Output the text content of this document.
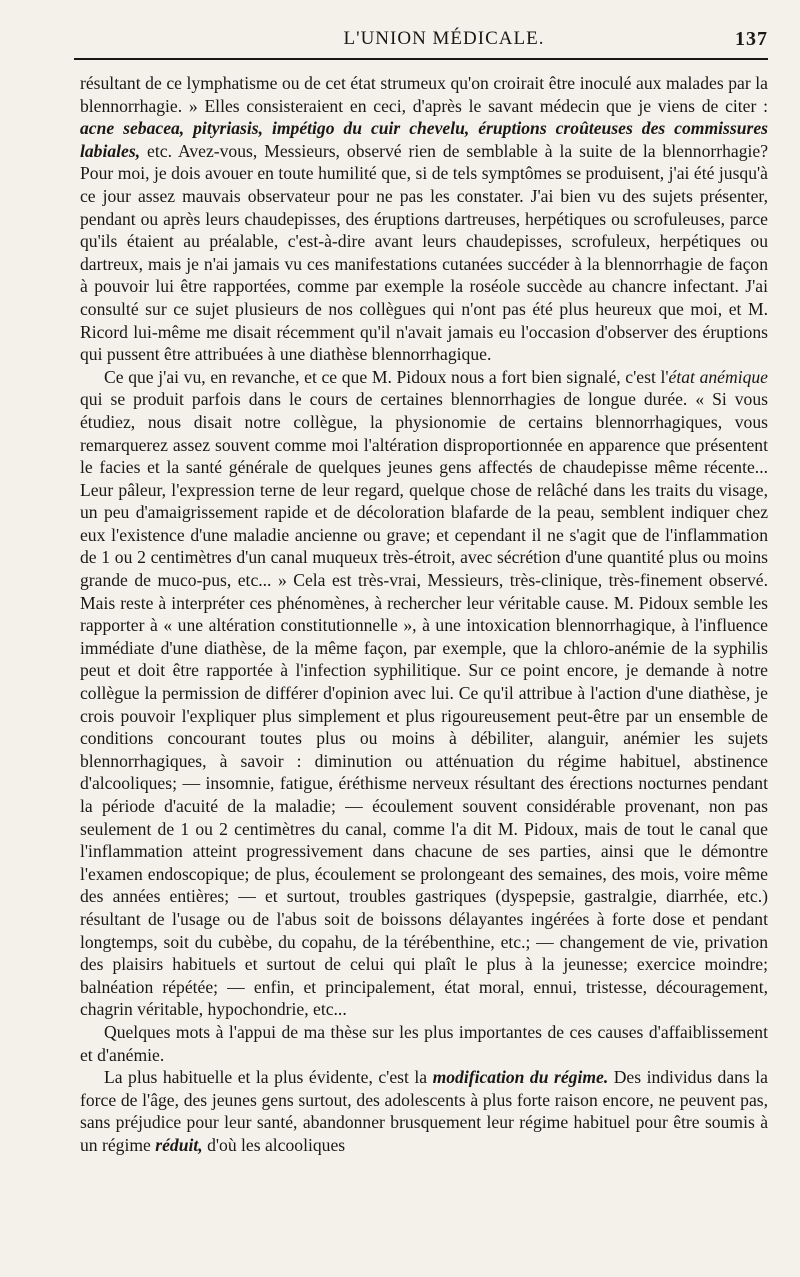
L'UNION MÉDICALE.	137

résultant de ce lymphatisme ou de cet état strumeux qu'on croirait être inoculé aux malades par la blennorrhagie. » Elles consisteraient en ceci, d'après le savant médecin que je viens de citer : acne sebacea, pityriasis, impétigo du cuir chevelu, éruptions croûteuses des commissures labiales, etc. Avez-vous, Messieurs, observé rien de semblable à la suite de la blennorrhagie? Pour moi, je dois avouer en toute humilité que, si de tels symptômes se produisent, j'ai été jusqu'à ce jour assez mauvais observateur pour ne pas les constater. J'ai bien vu des sujets présenter, pendant ou après leurs chaudepisses, des éruptions dartreuses, herpétiques ou scrofuleuses, parce qu'ils étaient au préalable, c'est-à-dire avant leurs chaudepisses, scrofuleux, herpétiques ou dartreux, mais je n'ai jamais vu ces manifestations cutanées succéder à la blennorrhagie de façon à pouvoir lui être rapportées, comme par exemple la roséole succède au chancre infectant. J'ai consulté sur ce sujet plusieurs de nos collègues qui n'ont pas été plus heureux que moi, et M. Ricord lui-même me disait récemment qu'il n'avait jamais eu l'occasion d'observer des éruptions qui pussent être attribuées à une diathèse blennorrhagique.

Ce que j'ai vu, en revanche, et ce que M. Pidoux nous a fort bien signalé, c'est l'état anémique qui se produit parfois dans le cours de certaines blennorrhagies de longue durée. « Si vous étudiez, nous disait notre collègue, la physionomie de certains blennorrhagiques, vous remarquerez assez souvent comme moi l'altération disproportionnée en apparence que présentent le facies et la santé générale de quelques jeunes gens affectés de chaudepisse même récente... Leur pâleur, l'expression terne de leur regard, quelque chose de relâché dans les traits du visage, un peu d'amaigrissement rapide et de décoloration blafarde de la peau, semblent indiquer chez eux l'existence d'une maladie ancienne ou grave; et cependant il ne s'agit que de l'inflammation de 1 ou 2 centimètres d'un canal muqueux très-étroit, avec sécrétion d'une quantité plus ou moins grande de muco-pus, etc... » Cela est très-vrai, Messieurs, très-clinique, très-finement observé. Mais reste à interpréter ces phénomènes, à rechercher leur véritable cause. M. Pidoux semble les rapporter à « une altération constitutionnelle », à une intoxication blennorrhagique, à l'influence immédiate d'une diathèse, de la même façon, par exemple, que la chloro-anémie de la syphilis peut et doit être rapportée à l'infection syphilitique. Sur ce point encore, je demande à notre collègue la permission de différer d'opinion avec lui. Ce qu'il attribue à l'action d'une diathèse, je crois pouvoir l'expliquer plus simplement et plus rigoureusement peut-être par un ensemble de conditions concourant toutes plus ou moins à débiliter, alanguir, anémier les sujets blennorrhagiques, à savoir : diminution ou atténuation du régime habituel, abstinence d'alcooliques; — insomnie, fatigue, éréthisme nerveux résultant des érections nocturnes pendant la période d'acuité de la maladie; — écoulement souvent considérable provenant, non pas seulement de 1 ou 2 centimètres du canal, comme l'a dit M. Pidoux, mais de tout le canal que l'inflammation atteint progressivement dans chacune de ses parties, ainsi que le démontre l'examen endoscopique; de plus, écoulement se prolongeant des semaines, des mois, voire même des années entières; — et surtout, troubles gastriques (dyspepsie, gastralgie, diarrhée, etc.) résultant de l'usage ou de l'abus soit de boissons délayantes ingérées à forte dose et pendant longtemps, soit du cubèbe, du copahu, de la térébenthine, etc.; — changement de vie, privation des plaisirs habituels et surtout de celui qui plaît le plus à la jeunesse; exercice moindre; balnéation répétée; — enfin, et principalement, état moral, ennui, tristesse, découragement, chagrin véritable, hypochondrie, etc...

Quelques mots à l'appui de ma thèse sur les plus importantes de ces causes d'affaiblissement et d'anémie.

La plus habituelle et la plus évidente, c'est la modification du régime. Des individus dans la force de l'âge, des jeunes gens surtout, des adolescents à plus forte raison encore, ne peuvent pas, sans préjudice pour leur santé, abandonner brusquement leur régime habituel pour être soumis à un régime réduit, d'où les alcooliques
